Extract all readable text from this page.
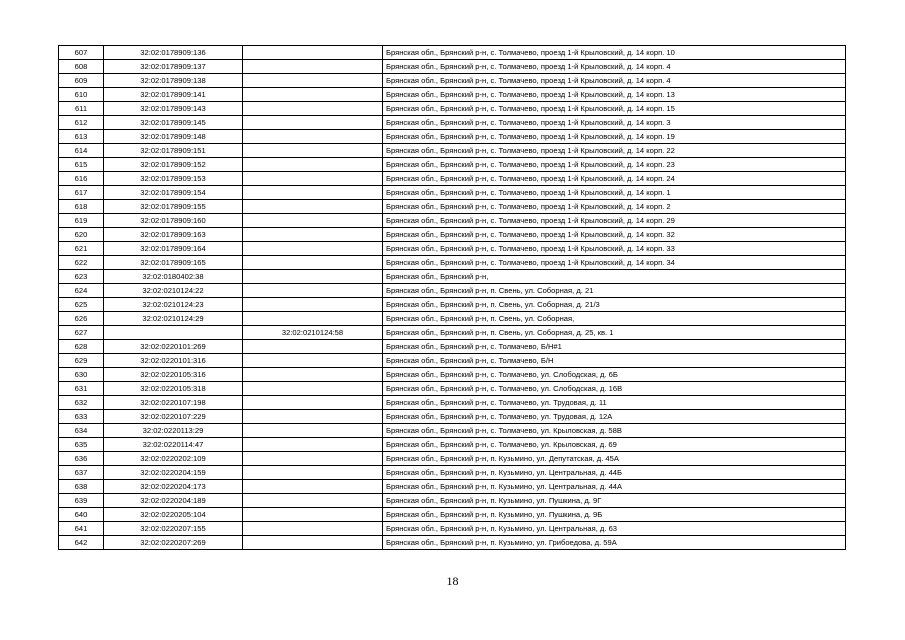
607	32:02:0178909:136		Брянская обл., Брянский р-н, с. Толмачево, проезд 1-й Крыловский, д. 14 корп. 10
608	32:02:0178909:137		Брянская обл., Брянский р-н, с. Толмачево, проезд 1-й Крыловский, д. 14 корп. 4
609	32:02:0178909:138		Брянская обл., Брянский р-н, с. Толмачево, проезд 1-й Крыловский, д. 14 корп. 4
610	32:02:0178909:141		Брянская обл., Брянский р-н, с. Толмачево, проезд 1-й Крыловский, д. 14 корп. 13
611	32:02:0178909:143		Брянская обл., Брянский р-н, с. Толмачево, проезд 1-й Крыловский, д. 14 корп. 15
612	32:02:0178909:145		Брянская обл., Брянский р-н, с. Толмачево, проезд 1-й Крыловский, д. 14 корп. 3
613	32:02:0178909:148		Брянская обл., Брянский р-н, с. Толмачево, проезд 1-й Крыловский, д. 14 корп. 19
614	32:02:0178909:151		Брянская обл., Брянский р-н, с. Толмачево, проезд 1-й Крыловский, д. 14 корп. 22
615	32:02:0178909:152		Брянская обл., Брянский р-н, с. Толмачево, проезд 1-й Крыловский, д. 14 корп. 23
616	32:02:0178909:153		Брянская обл., Брянский р-н, с. Толмачево, проезд 1-й Крыловский, д. 14 корп. 24
617	32:02:0178909:154		Брянская обл., Брянский р-н, с. Толмачево, проезд 1-й Крыловский, д. 14 корп. 1
618	32:02:0178909:155		Брянская обл., Брянский р-н, с. Толмачево, проезд 1-й Крыловский, д. 14 корп. 2
619	32:02:0178909:160		Брянская обл., Брянский р-н, с. Толмачево, проезд 1-й Крыловский, д. 14 корп. 29
620	32:02:0178909:163		Брянская обл., Брянский р-н, с. Толмачево, проезд 1-й Крыловский, д. 14 корп. 32
621	32:02:0178909:164		Брянская обл., Брянский р-н, с. Толмачево, проезд 1-й Крыловский, д. 14 корп. 33
622	32:02:0178909:165		Брянская обл., Брянский р-н, с. Толмачево, проезд 1-й Крыловский, д. 14 корп. 34
623	32:02:0180402:38		Брянская обл., Брянский р-н,
624	32:02:0210124:22		Брянская обл., Брянский р-н, п. Свень, ул. Соборная, д. 21
625	32:02:0210124:23		Брянская обл., Брянский р-н, п. Свень, ул. Соборная, д. 21/3
626	32:02:0210124:29		Брянская обл., Брянский р-н, п. Свень, ул. Соборная,
627		32:02:0210124:58	Брянская обл., Брянский р-н, п. Свень, ул. Соборная, д. 25, кв. 1
628	32:02:0220101:269		Брянская обл., Брянский р-н, с. Толмачево, Б/Н#1
629	32:02:0220101:316		Брянская обл., Брянский р-н, с. Толмачево, Б/Н
630	32:02:0220105:316		Брянская обл., Брянский р-н, с. Толмачево, ул. Слободская, д. 6Б
631	32:02:0220105:318		Брянская обл., Брянский р-н, с. Толмачево, ул. Слободская, д. 16В
632	32:02:0220107:198		Брянская обл., Брянский р-н, с. Толмачево, ул. Трудовая, д. 11
633	32:02:0220107:229		Брянская обл., Брянский р-н, с. Толмачево, ул. Трудовая, д. 12А
634	32:02:0220113:29		Брянская обл., Брянский р-н, с. Толмачево, ул. Крыловская, д. 58В
635	32:02:0220114:47		Брянская обл., Брянский р-н, с. Толмачево, ул. Крыловская, д. 69
636	32:02:0220202:109		Брянская обл., Брянский р-н, п. Кузьмино, ул. Депутатская, д. 45А
637	32:02:0220204:159		Брянская обл., Брянский р-н, п. Кузьмино, ул. Центральная, д. 44Б
638	32:02:0220204:173		Брянская обл., Брянский р-н, п. Кузьмино, ул. Центральная, д. 44А
639	32:02:0220204:189		Брянская обл., Брянский р-н, п. Кузьмино, ул. Пушкина, д. 9Г
640	32:02:0220205:104		Брянская обл., Брянский р-н, п. Кузьмино, ул. Пушкина, д. 9Б
641	32:02:0220207:155		Брянская обл., Брянский р-н, п. Кузьмино, ул. Центральная, д. 63
642	32:02:0220207:269		Брянская обл., Брянский р-н, п. Кузьмино, ул. Грибоедова, д. 59А
18
